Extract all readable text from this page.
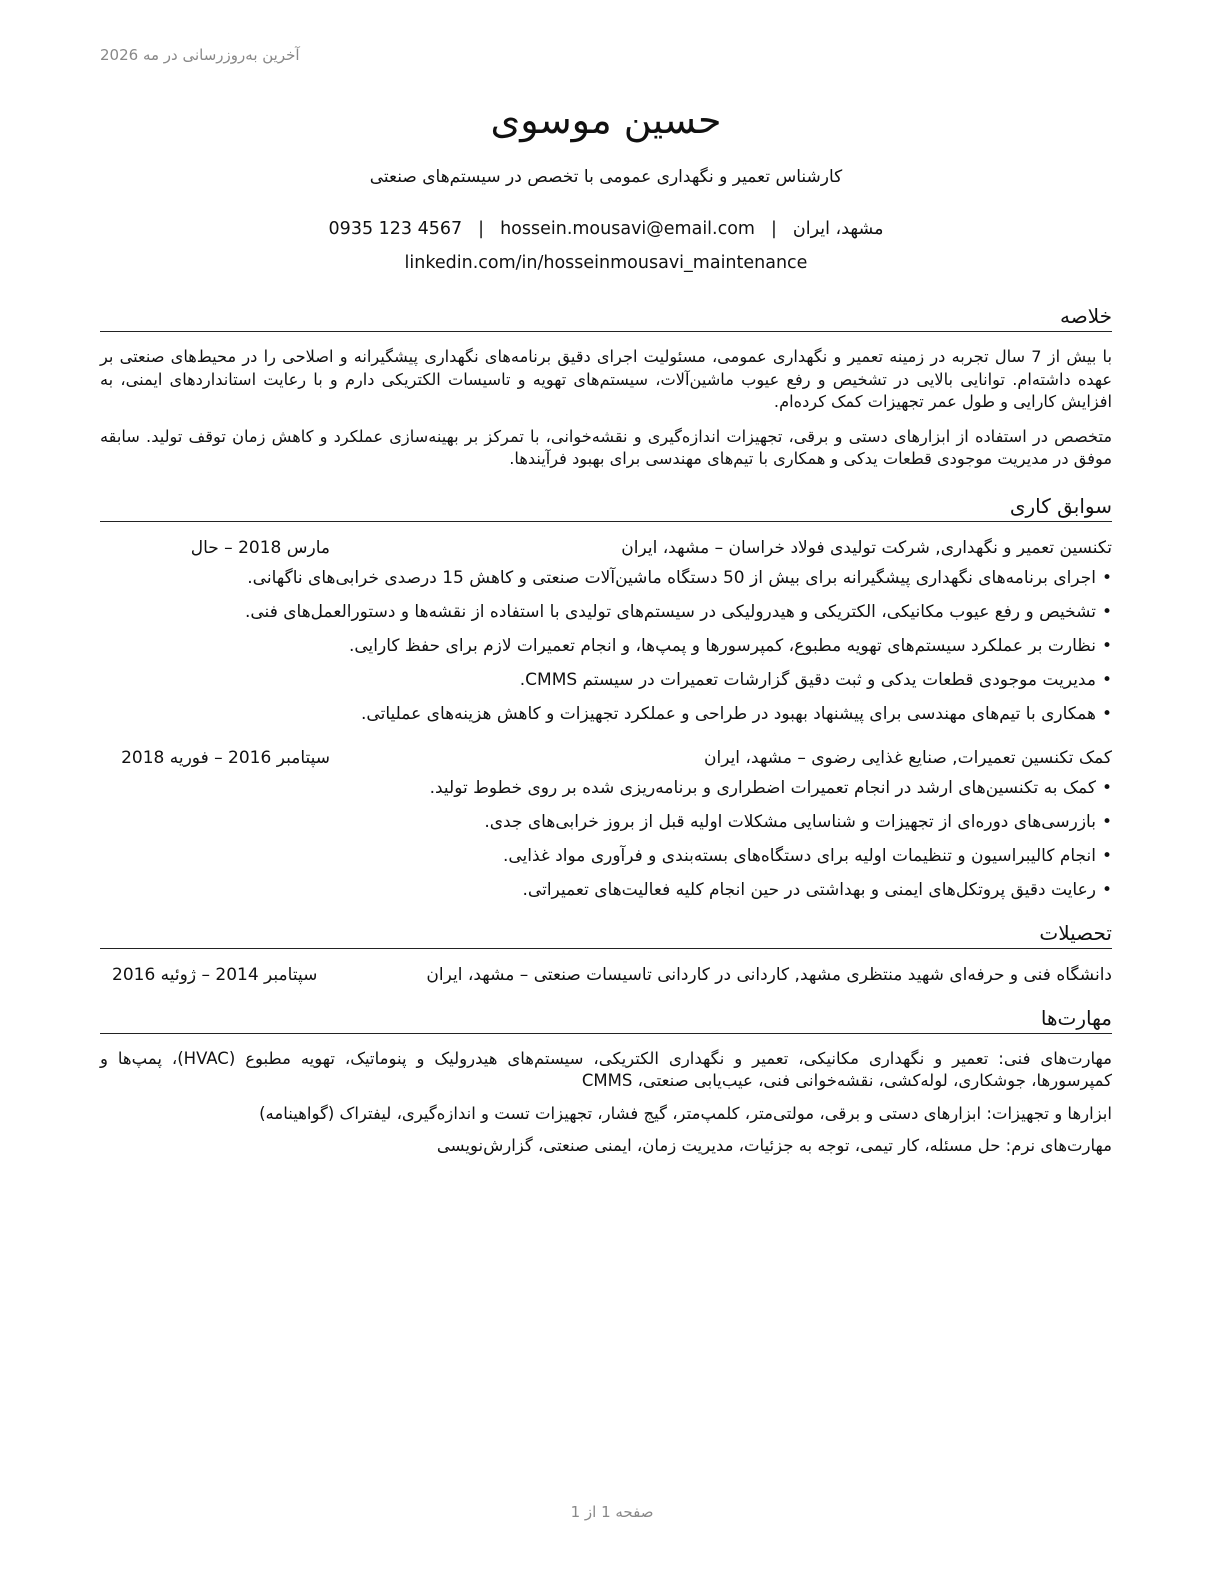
آخرین به‌روزرسانی در مه 2026
حسین موسوی
کارشناس تعمیر و نگهداری عمومی با تخصص در سیستم‌های صنعتی
مشهد، ایران|hossein.mousavi@email.com|0935 123 4567
linkedin.com/in/hosseinmousavi_maintenance
خلاصه
با بیش از 7 سال تجربه در زمینه تعمیر و نگهداری عمومی، مسئولیت اجرای دقیق برنامه‌های نگهداری پیشگیرانه و اصلاحی را در محیط‌های صنعتی بر عهده داشته‌ام. توانایی بالایی در تشخیص و رفع عیوب ماشین‌آلات، سیستم‌های تهویه و تاسیسات الکتریکی دارم و با رعایت استانداردهای ایمنی، به افزایش کارایی و طول عمر تجهیزات کمک کرده‌ام.
متخصص در استفاده از ابزارهای دستی و برقی، تجهیزات اندازه‌گیری و نقشه‌خوانی، با تمرکز بر بهینه‌سازی عملکرد و کاهش زمان توقف تولید. سابقه موفق در مدیریت موجودی قطعات یدکی و همکاری با تیم‌های مهندسی برای بهبود فرآیندها.
سوابق کاری
تکنسین تعمیر و نگهداری, شرکت تولیدی فولاد خراسان – مشهد، ایران
مارس 2018 – حال
• اجرای برنامه‌های نگهداری پیشگیرانه برای بیش از 50 دستگاه ماشین‌آلات صنعتی و کاهش 15 درصدی خرابی‌های ناگهانی.
• تشخیص و رفع عیوب مکانیکی، الکتریکی و هیدرولیکی در سیستم‌های تولیدی با استفاده از نقشه‌ها و دستورالعمل‌های فنی.
• نظارت بر عملکرد سیستم‌های تهویه مطبوع، کمپرسورها و پمپ‌ها، و انجام تعمیرات لازم برای حفظ کارایی.
• مدیریت موجودی قطعات یدکی و ثبت دقیق گزارشات تعمیرات در سیستم CMMS.
• همکاری با تیم‌های مهندسی برای پیشنهاد بهبود در طراحی و عملکرد تجهیزات و کاهش هزینه‌های عملیاتی.
کمک تکنسین تعمیرات, صنایع غذایی رضوی – مشهد، ایران
سپتامبر 2016 – فوریه 2018
• کمک به تکنسین‌های ارشد در انجام تعمیرات اضطراری و برنامه‌ریزی شده بر روی خطوط تولید.
• بازرسی‌های دوره‌ای از تجهیزات و شناسایی مشکلات اولیه قبل از بروز خرابی‌های جدی.
• انجام کالیبراسیون و تنظیمات اولیه برای دستگاه‌های بسته‌بندی و فرآوری مواد غذایی.
• رعایت دقیق پروتکل‌های ایمنی و بهداشتی در حین انجام کلیه فعالیت‌های تعمیراتی.
تحصیلات
دانشگاه فنی و حرفه‌ای شهید منتظری مشهد, کاردانی در کاردانی تاسیسات صنعتی – مشهد، ایران
سپتامبر 2014 – ژوئیه 2016
مهارت‌ها
مهارت‌های فنی: تعمیر و نگهداری مکانیکی، تعمیر و نگهداری الکتریکی، سیستم‌های هیدرولیک و پنوماتیک، تهویه مطبوع (HVAC)، پمپ‌ها و کمپرسورها، جوشکاری، لوله‌کشی، نقشه‌خوانی فنی، عیب‌یابی صنعتی، CMMS
ابزارها و تجهیزات: ابزارهای دستی و برقی، مولتی‌متر، کلمپ‌متر، گیج فشار، تجهیزات تست و اندازه‌گیری، لیفتراک (گواهینامه)
مهارت‌های نرم: حل مسئله، کار تیمی، توجه به جزئیات، مدیریت زمان، ایمنی صنعتی، گزارش‌نویسی
صفحه 1 از 1
